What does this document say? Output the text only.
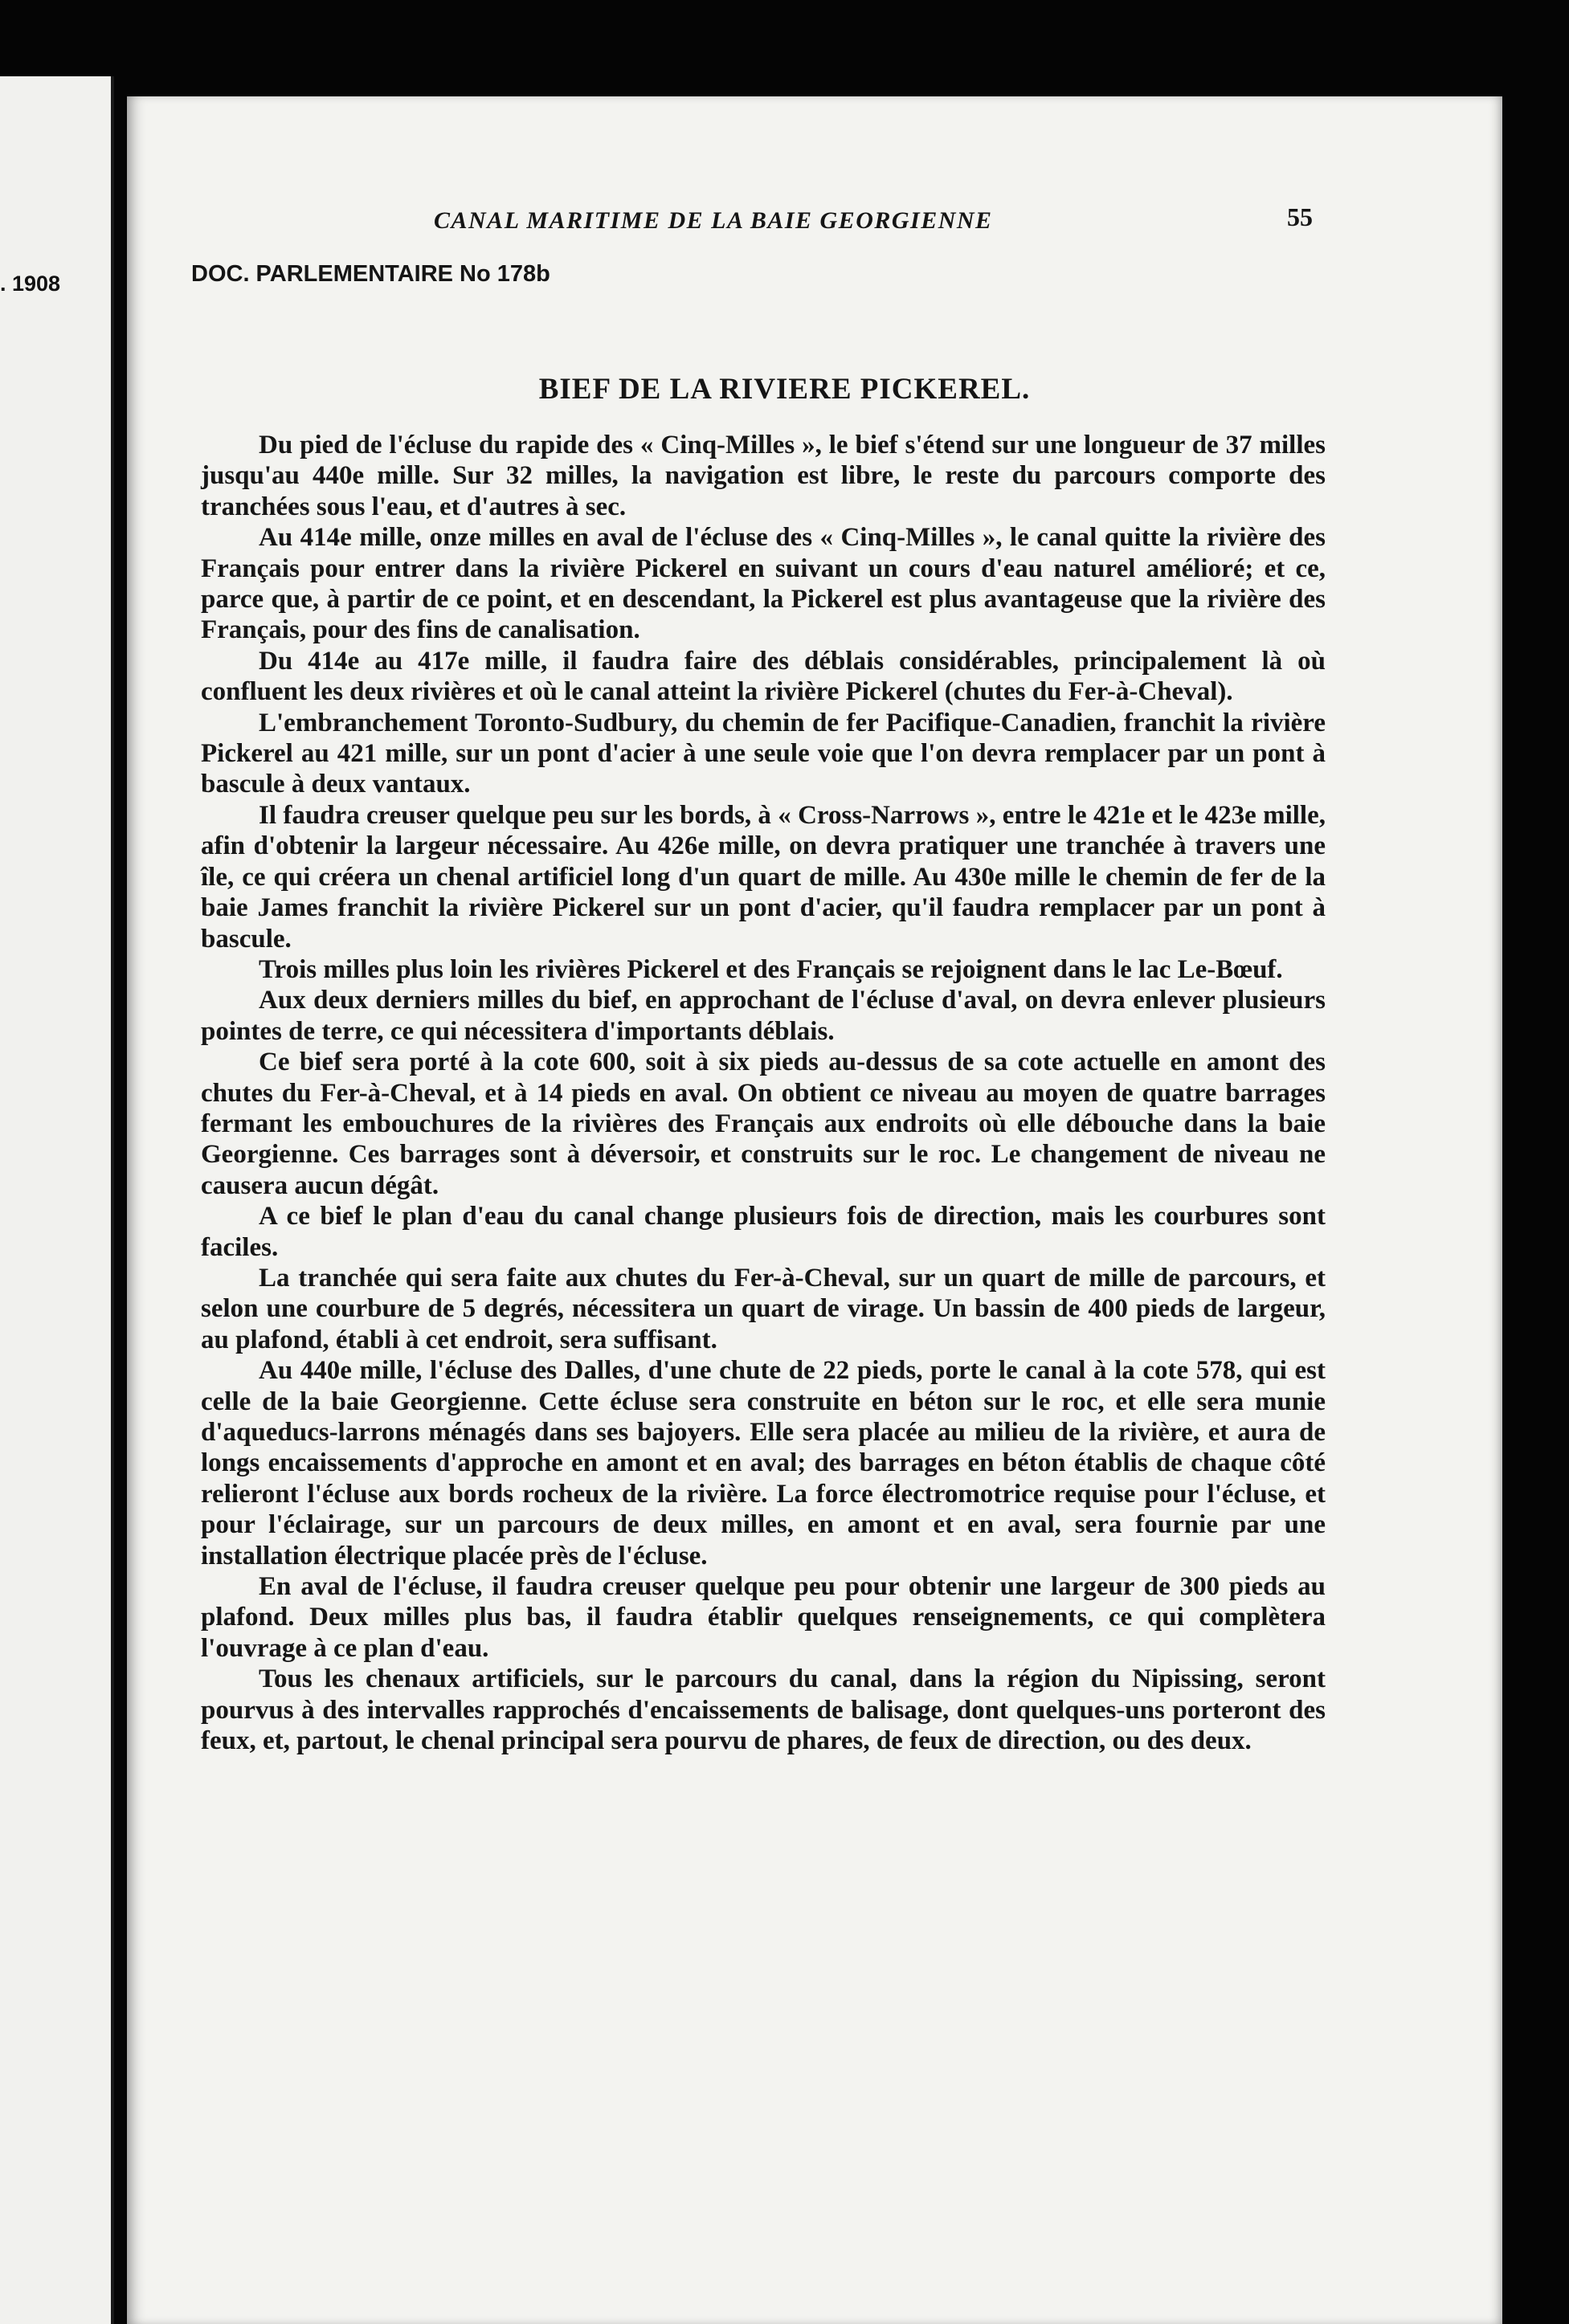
. 1908
CANAL MARITIME DE LA BAIE GEORGIENNE	55
DOC. PARLEMENTAIRE No 178b
BIEF DE LA RIVIERE PICKEREL.

Du pied de l'écluse du rapide des « Cinq-Milles », le bief s'étend sur une longueur de 37 milles jusqu'au 440e mille. Sur 32 milles, la navigation est libre, le reste du parcours comporte des tranchées sous l'eau, et d'autres à sec.

Au 414e mille, onze milles en aval de l'écluse des « Cinq-Milles », le canal quitte la rivière des Français pour entrer dans la rivière Pickerel en suivant un cours d'eau naturel amélioré; et ce, parce que, à partir de ce point, et en descendant, la Pickerel est plus avantageuse que la rivière des Français, pour des fins de canalisation.

Du 414e au 417e mille, il faudra faire des déblais considérables, principalement là où confluent les deux rivières et où le canal atteint la rivière Pickerel (chutes du Fer-à-Cheval).

L'embranchement Toronto-Sudbury, du chemin de fer Pacifique-Canadien, franchit la rivière Pickerel au 421 mille, sur un pont d'acier à une seule voie que l'on devra remplacer par un pont à bascule à deux vantaux.

Il faudra creuser quelque peu sur les bords, à « Cross-Narrows », entre le 421e et le 423e mille, afin d'obtenir la largeur nécessaire. Au 426e mille, on devra pratiquer une tranchée à travers une île, ce qui créera un chenal artificiel long d'un quart de mille. Au 430e mille le chemin de fer de la baie James franchit la rivière Pickerel sur un pont d'acier, qu'il faudra remplacer par un pont à bascule.

Trois milles plus loin les rivières Pickerel et des Français se rejoignent dans le lac Le-Bœuf.

Aux deux derniers milles du bief, en approchant de l'écluse d'aval, on devra enlever plusieurs pointes de terre, ce qui nécessitera d'importants déblais.

Ce bief sera porté à la cote 600, soit à six pieds au-dessus de sa cote actuelle en amont des chutes du Fer-à-Cheval, et à 14 pieds en aval. On obtient ce niveau au moyen de quatre barrages fermant les embouchures de la rivières des Français aux endroits où elle débouche dans la baie Georgienne. Ces barrages sont à déversoir, et construits sur le roc. Le changement de niveau ne causera aucun dégât.

A ce bief le plan d'eau du canal change plusieurs fois de direction, mais les courbures sont faciles.

La tranchée qui sera faite aux chutes du Fer-à-Cheval, sur un quart de mille de parcours, et selon une courbure de 5 degrés, nécessitera un quart de virage. Un bassin de 400 pieds de largeur, au plafond, établi à cet endroit, sera suffisant.

Au 440e mille, l'écluse des Dalles, d'une chute de 22 pieds, porte le canal à la cote 578, qui est celle de la baie Georgienne. Cette écluse sera construite en béton sur le roc, et elle sera munie d'aqueducs-larrons ménagés dans ses bajoyers. Elle sera placée au milieu de la rivière, et aura de longs encaissements d'approche en amont et en aval; des barrages en béton établis de chaque côté relieront l'écluse aux bords rocheux de la rivière. La force électromotrice requise pour l'écluse, et pour l'éclairage, sur un parcours de deux milles, en amont et en aval, sera fournie par une installation électrique placée près de l'écluse.

En aval de l'écluse, il faudra creuser quelque peu pour obtenir une largeur de 300 pieds au plafond. Deux milles plus bas, il faudra établir quelques renseignements, ce qui complètera l'ouvrage à ce plan d'eau.

Tous les chenaux artificiels, sur le parcours du canal, dans la région du Nipissing, seront pourvus à des intervalles rapprochés d'encaissements de balisage, dont quelques-uns porteront des feux, et, partout, le chenal principal sera pourvu de phares, de feux de direction, ou des deux.
